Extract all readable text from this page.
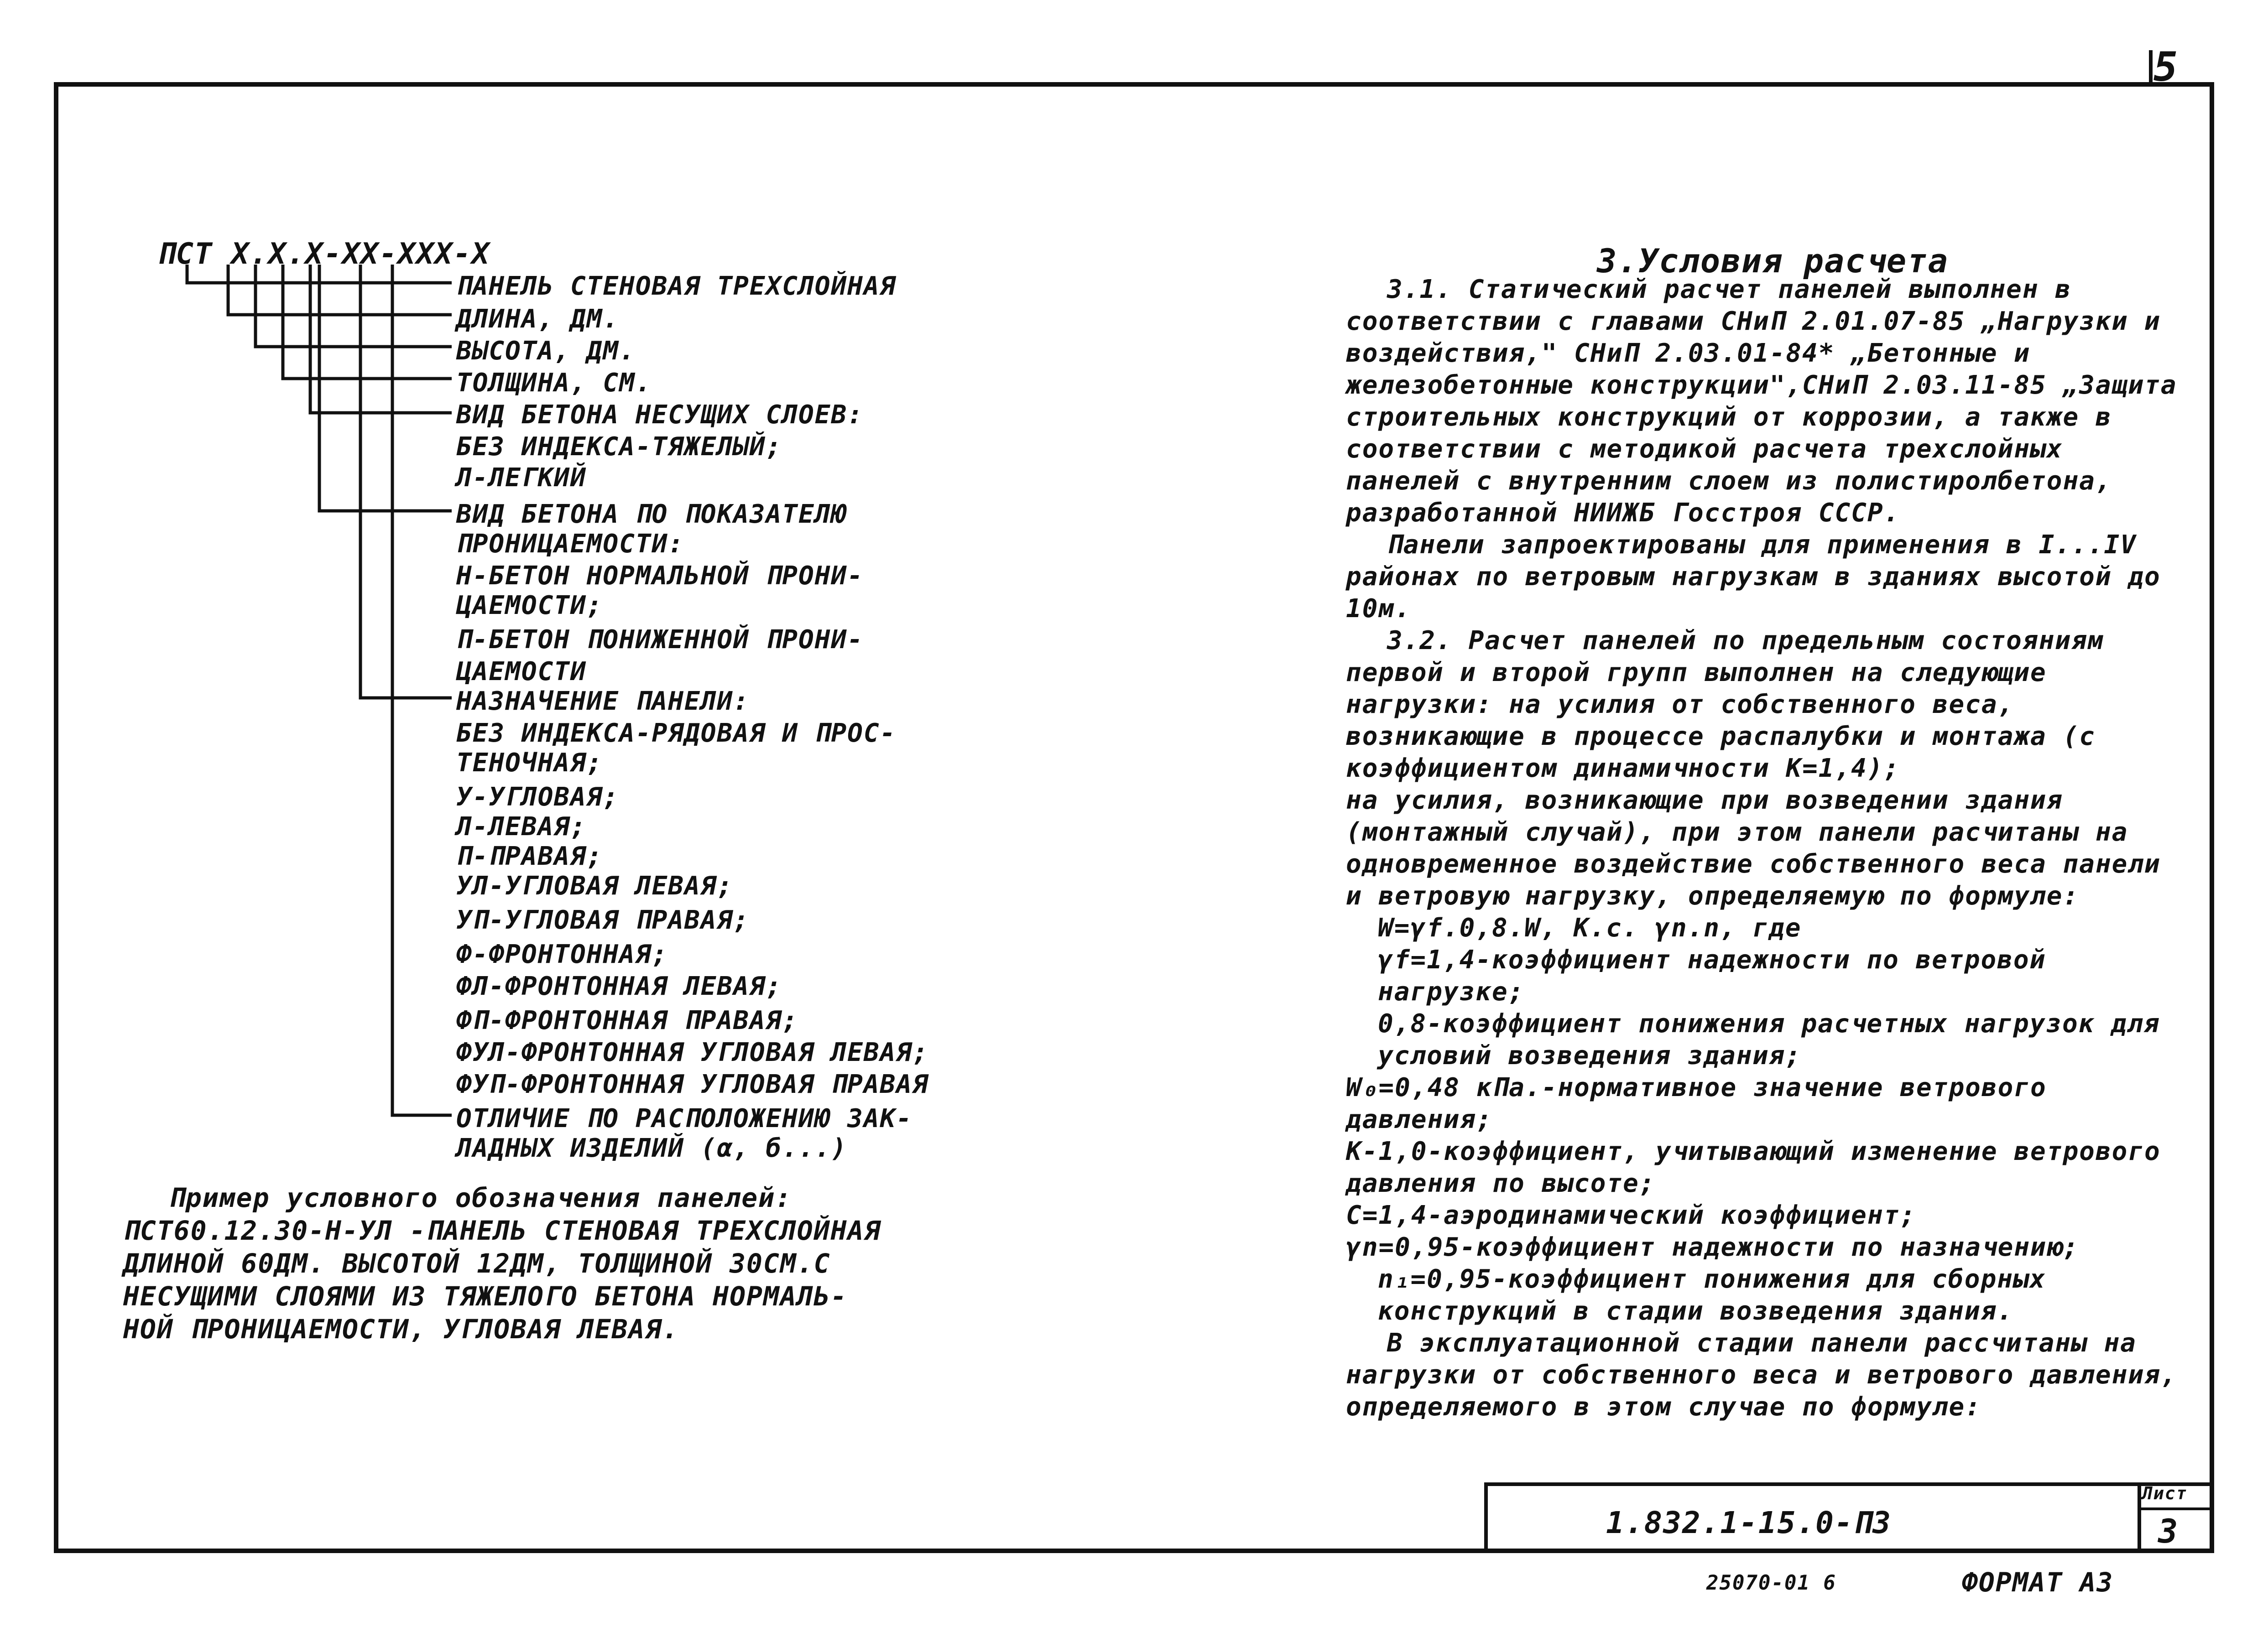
5
ПСТ Х.Х.Х-ХХ-ХХХ-Х
ПАНЕЛЬ СТЕНОВАЯ ТРЕХСЛОЙНАЯ
ДЛИНА, ДМ.
ВЫСОТА, ДМ.
ТОЛЩИНА, СМ.
ВИД БЕТОНА НЕСУЩИХ СЛОЕВ:
БЕЗ ИНДЕКСА-ТЯЖЕЛЫЙ;
Л-ЛЕГКИЙ
ВИД БЕТОНА ПО ПОКАЗАТЕЛЮ
ПРОНИЦАЕМОСТИ:
Н-БЕТОН НОРМАЛЬНОЙ ПРОНИ-
ЦАЕМОСТИ;
П-БЕТОН ПОНИЖЕННОЙ ПРОНИ-
ЦАЕМОСТИ
НАЗНАЧЕНИЕ ПАНЕЛИ:
БЕЗ ИНДЕКСА-РЯДОВАЯ И ПРОС-
ТЕНОЧНАЯ;
У-УГЛОВАЯ;
Л-ЛЕВАЯ;
П-ПРАВАЯ;
УЛ-УГЛОВАЯ ЛЕВАЯ;
УП-УГЛОВАЯ ПРАВАЯ;
Ф-ФРОНТОННАЯ;
ФЛ-ФРОНТОННАЯ ЛЕВАЯ;
ФП-ФРОНТОННАЯ ПРАВАЯ;
ФУЛ-ФРОНТОННАЯ УГЛОВАЯ ЛЕВАЯ;
ФУП-ФРОНТОННАЯ УГЛОВАЯ ПРАВАЯ
ОТЛИЧИЕ ПО РАСПОЛОЖЕНИЮ ЗАК-
ЛАДНЫХ ИЗДЕЛИЙ (α, б...)
Пример условного обозначения панелей:
ПСТ60.12.30-Н-УЛ -ПАНЕЛЬ СТЕНОВАЯ ТРЕХСЛОЙНАЯ
ДЛИНОЙ 60ДМ. ВЫСОТОЙ 12ДМ, ТОЛЩИНОЙ 30СМ.С
НЕСУЩИМИ СЛОЯМИ ИЗ ТЯЖЕЛОГО БЕТОНА НОРМАЛЬ-
НОЙ ПРОНИЦАЕМОСТИ, УГЛОВАЯ ЛЕВАЯ.
3.Условия расчета

3.1. Статический расчет панелей выполнен в соответствии с главами СНиП 2.01.07-85 „Нагрузки и воздействия," СНиП 2.03.01-84* „Бетонные и железобетонные конструкции",СНиП 2.03.11-85 „Защита строительных конструкций от коррозии, а также в соответствии с методикой расчета трехслойных панелей с внутренним слоем из полистиролбетона, разработанной НИИЖБ Госстроя СССР.

Панели запроектированы для применения в I...IV районах по ветровым нагрузкам в зданиях высотой до 10м.

3.2. Расчет панелей по предельным состояниям первой и второй групп выполнен на следующие нагрузки: на усилия от собственного веса, возникающие в процессе распалубки и монтажа (с коэффициентом динамичности К=1,4);

на усилия, возникающие при возведении здания (монтажный случай), при этом панели расчитаны на одновременное воздействие собственного веса панели и ветровую нагрузку, определяемую по формуле:

W=γf.0,8.W, K.c. γn.n, где

γf=1,4-коэффициент надежности по ветровой нагрузке;

0,8-коэффициент понижения расчетных нагрузок для условий возведения здания;

W₀=0,48 кПа.-нормативное значение ветрового давления;

K-1,0-коэффициент, учитывающий изменение ветрового давления по высоте;

C=1,4-аэродинамический коэффициент;

γn=0,95-коэффициент надежности по назначению;

n₁=0,95-коэффициент понижения для сборных конструкций в стадии возведения здания.

В эксплуатационной стадии панели рассчитаны на нагрузки от собственного веса и ветрового давления, определяемого в этом случае по формуле:

1.832.1-15.0-ПЗ
Лист
3
25070-01 6	ФОРМАТ А3
